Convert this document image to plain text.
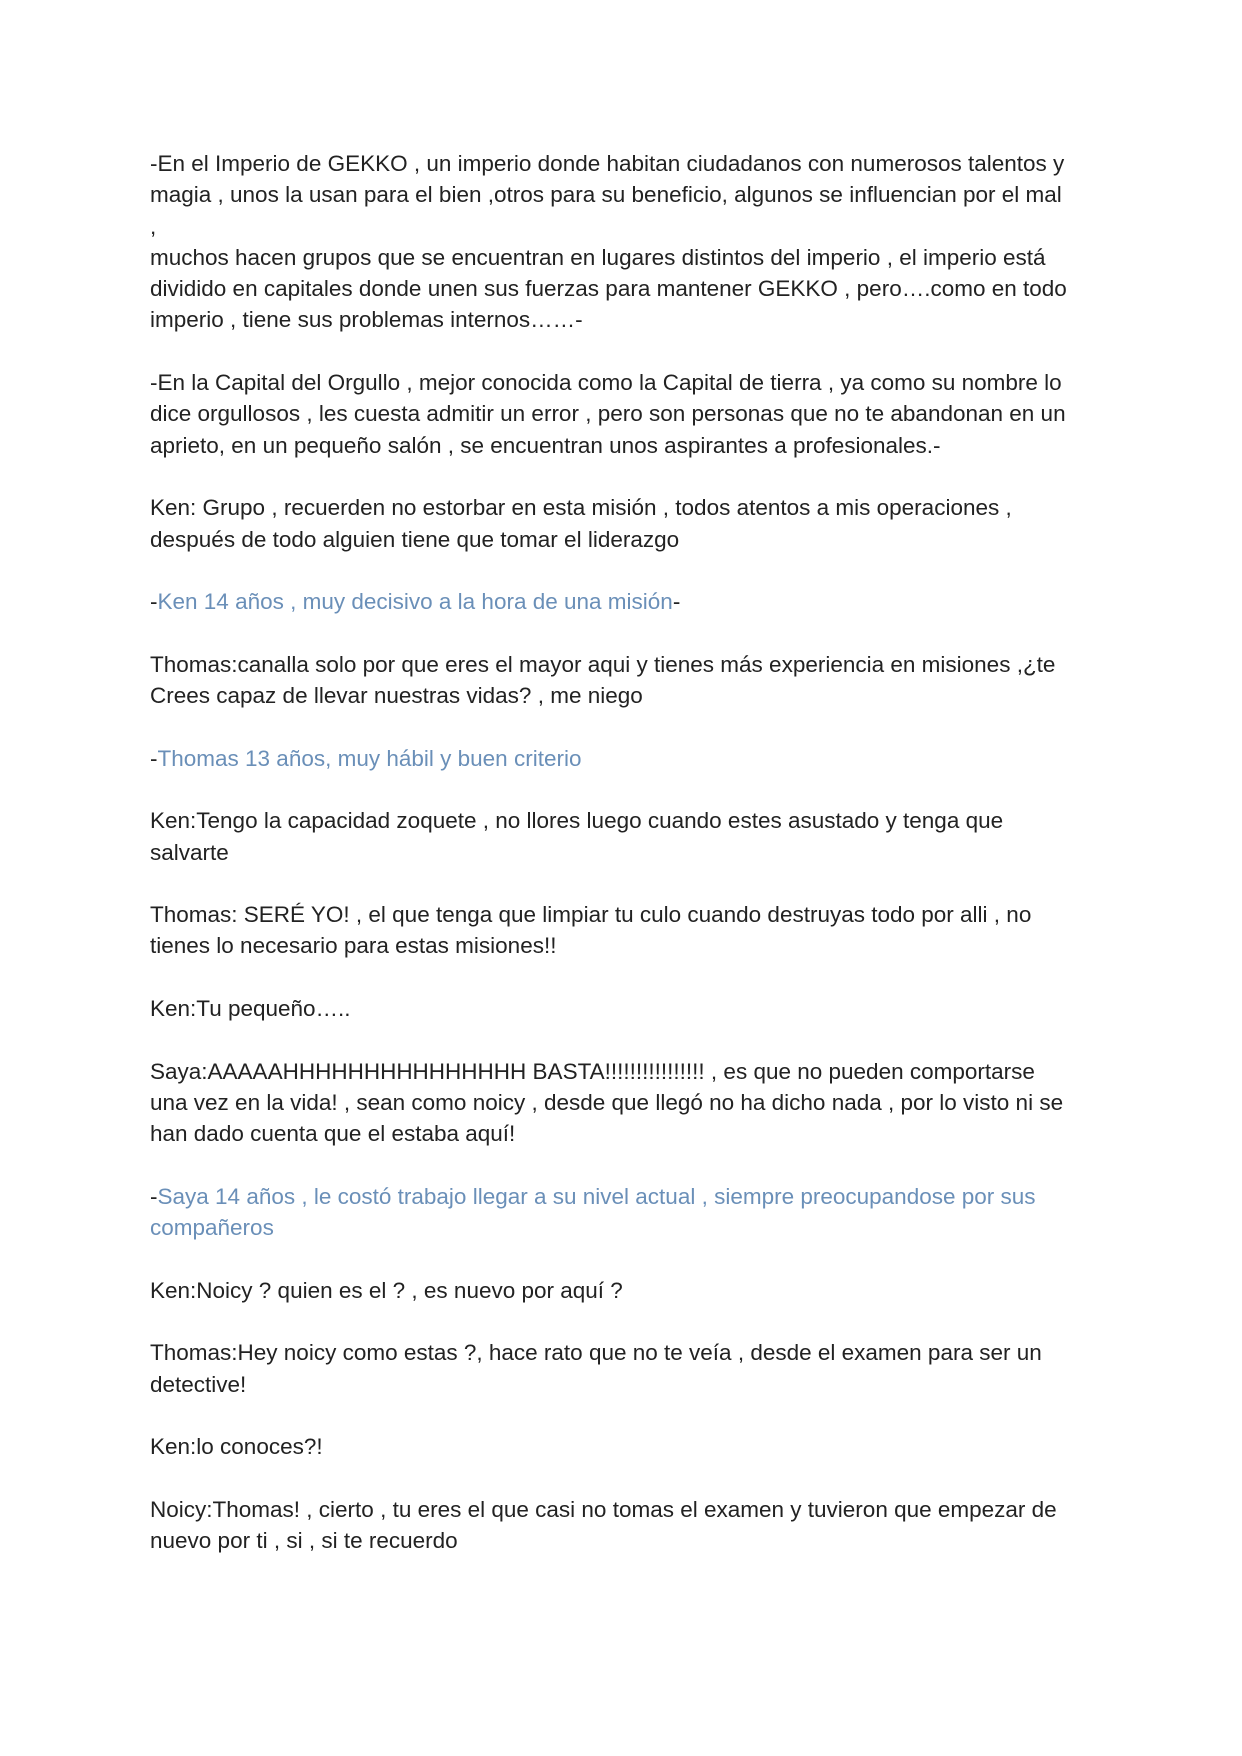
-En el Imperio de GEKKO , un imperio donde habitan ciudadanos con numerosos talentos y
magia , unos la usan para el bien ,otros para su beneficio, algunos se influencian por el mal
,
muchos hacen grupos que se encuentran en lugares distintos del imperio , el imperio está
dividido en capitales donde unen sus fuerzas para mantener GEKKO , pero….como en todo
imperio , tiene sus problemas internos……-
-En la Capital del Orgullo , mejor conocida como la Capital de tierra , ya como su nombre lo
dice orgullosos , les cuesta admitir un error , pero son personas que no te abandonan en un
aprieto, en un pequeño salón , se encuentran unos aspirantes a profesionales.-
Ken: Grupo , recuerden no estorbar en esta misión , todos atentos a mis operaciones ,
después de todo alguien tiene que tomar el liderazgo
-Ken 14 años , muy decisivo a la hora de una misión-
Thomas:canalla solo por que eres el mayor aqui y tienes más experiencia en misiones ,¿te
Crees capaz de llevar nuestras vidas? , me niego
-Thomas 13 años, muy hábil y buen criterio
Ken:Tengo la capacidad zoquete , no llores luego cuando estes asustado y tenga que
salvarte
Thomas: SERÉ YO! , el que tenga que limpiar tu culo cuando destruyas todo por alli , no
tienes lo necesario para estas misiones!!
Ken:Tu pequeño…..
Saya:AAAAAHHHHHHHHHHHHHHH BASTA!!!!!!!!!!!!!!!! , es que no pueden comportarse
una vez en la vida! , sean como noicy , desde que llegó no ha dicho nada , por lo visto ni se
han dado cuenta que el estaba aquí!
-Saya 14 años , le costó trabajo llegar a su nivel actual , siempre preocupandose por sus
compañeros
Ken:Noicy ? quien es el ? , es nuevo por aquí ?
Thomas:Hey noicy como estas ?, hace rato que no te veía , desde el examen para ser un
detective!
Ken:lo conoces?!
Noicy:Thomas! , cierto , tu eres el que casi no tomas el examen y tuvieron que empezar de
nuevo por ti , si , si te recuerdo
